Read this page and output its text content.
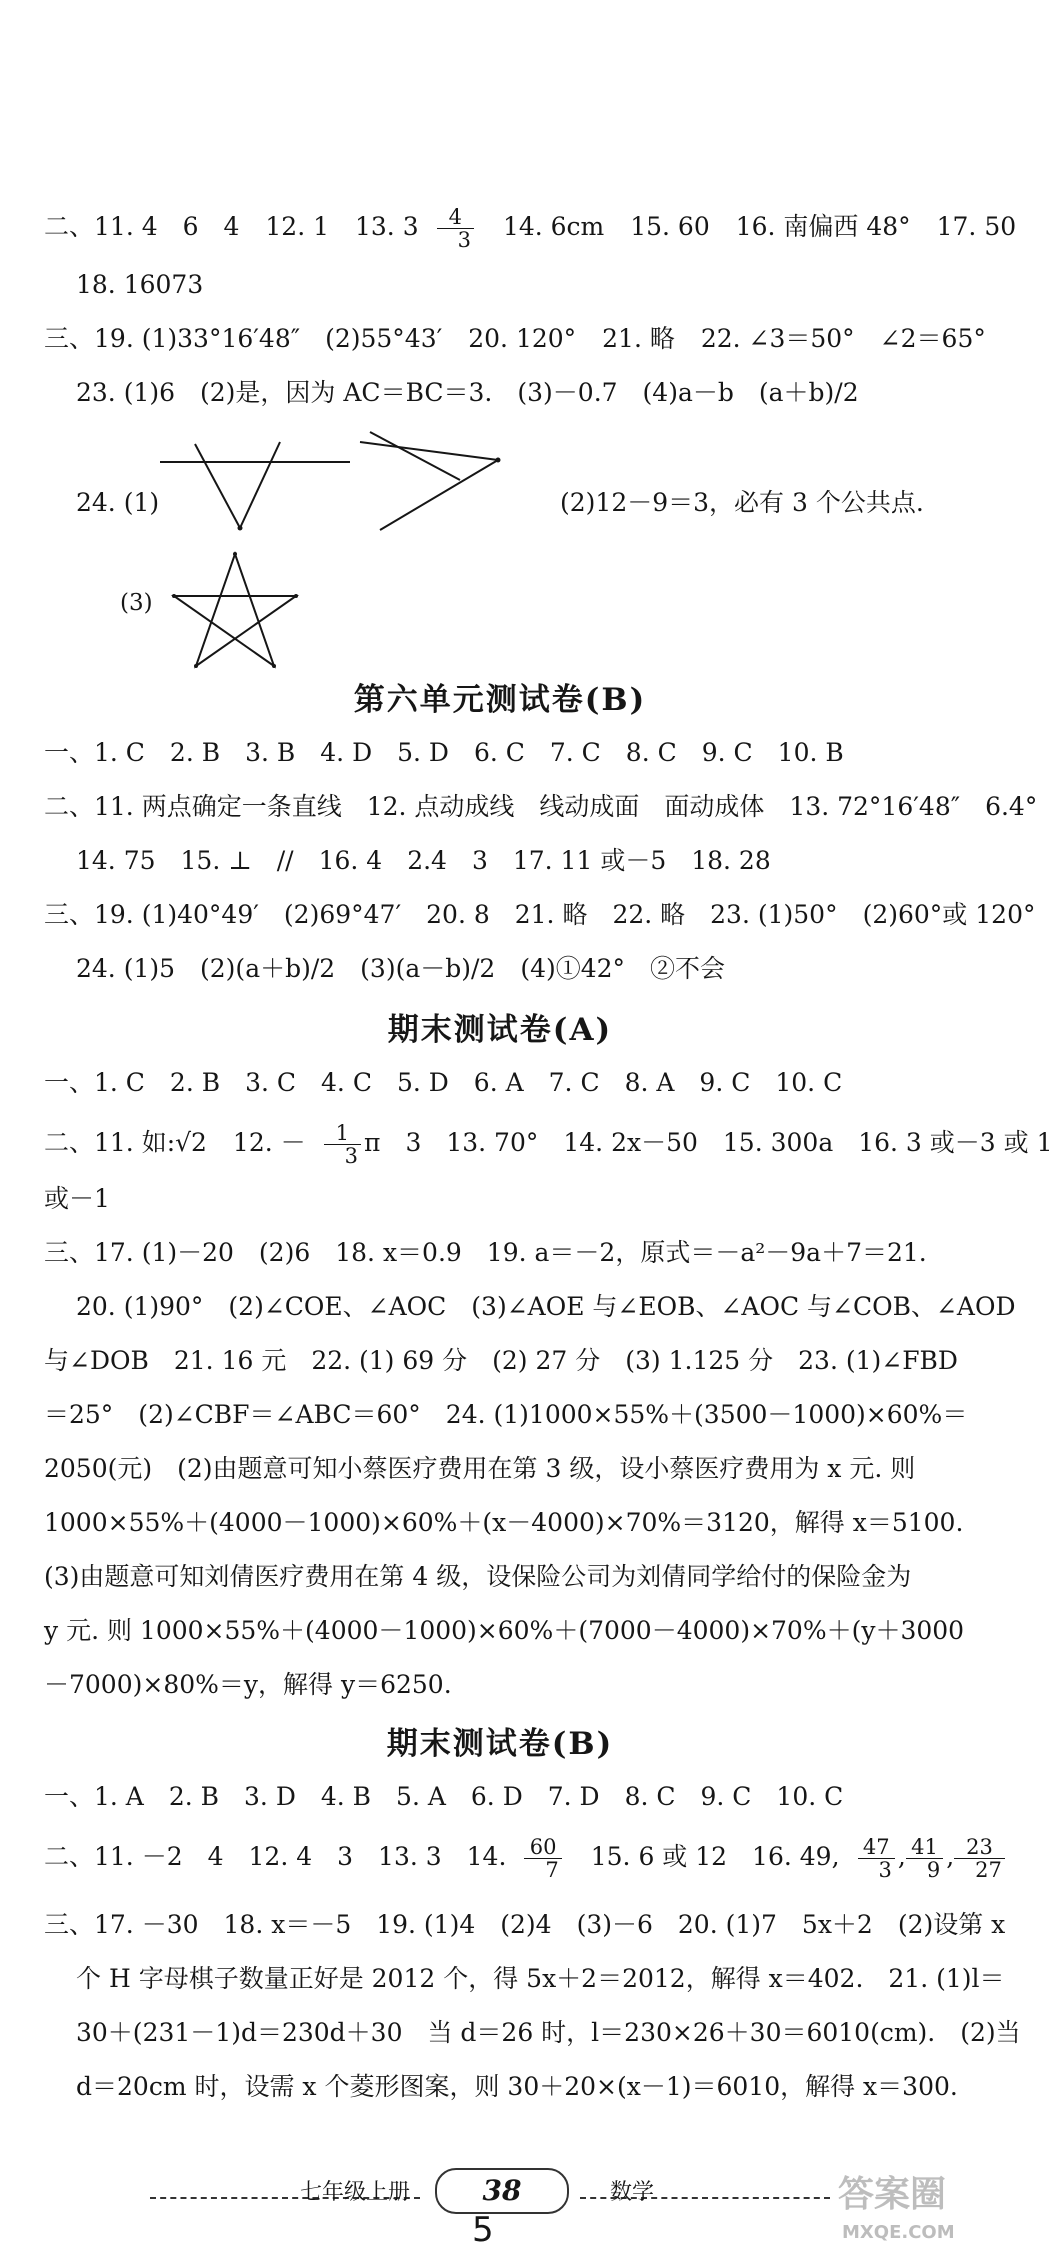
二、11. 4　6　4 12. 1 13. $3 \frac{4}{3} 14$. 6cm 15. 60 16. 南偏西 48° 17. 50
18. 16073
三、19. (1)33°16′48″　(2)55°43′ 20. 120° 21. 略 22. ∠3＝50°　∠2＝65°
23. (1)6　(2)是，因为 AC＝BC＝3.　(3)－0.7　(4)a－b　(a＋b)/2
24. (1)	(2)12－9＝3，必有 3 个公共点.
(3)
第六单元测试卷(B)
一、1. C　2. B　3. B　4. D　5. D　6. C　7. C　8. C　9. C　10. B
二、11. 两点确定一条直线　12. 点动成线　线动成面　面动成体　13. 72°16′48″　6.4°
14. 75　15. ⊥　//　16. 4　2.4　3　17. 11 或－5　18. 28
三、19. (1)40°49′　(2)69°47′　20. 8　21. 略　22. 略　23. (1)50°　(2)60°或 120°
24. (1)5　(2)(a＋b)/2　(3)(a－b)/2　(4)①42°　②不会
期末测试卷(A)
一、1. C　2. B　3. C　4. C　5. D　6. A　7. C　8. A　9. C　10. C
二、11. 如:√2 12. － $\frac{1}{3}$ π　3　13. 70°　14. 2x－50　15. 300a　16. 3 或－3 或 1
或－1
三、17. (1)－20　(2)6　18. x＝0.9　19. a＝－2，原式＝－a²－9a＋7＝21.
20. (1)90°　(2)∠COE、∠AOC　(3)∠AOE 与∠EOB、∠AOC 与∠COB、∠AOD
与∠DOB　21. 16 元　22. (1) 69 分　(2) 27 分　(3) 1.125 分　23. (1)∠FBD
＝25°　(2)∠CBF＝∠ABC＝60°　24. (1)1000×55%＋(3500－1000)×60%＝
2050(元)　(2)由题意可知小蔡医疗费用在第 3 级，设小蔡医疗费用为 x 元. 则
1000×55%＋(4000－1000)×60%＋(x－4000)×70%＝3120，解得 x＝5100.
(3)由题意可知刘倩医疗费用在第 4 级，设保险公司为刘倩同学给付的保险金为
y 元. 则 1000×55%＋(4000－1000)×60%＋(7000－4000)×70%＋(y＋3000
－7000)×80%＝y，解得 y＝6250.
期末测试卷(B)
一、1. A　2. B　3. D　4. B　5. A　6. D　7. D　8. C　9. C　10. C
二、11. －2　4　12. 4　3　13. 3　14. $\frac{60}{7} 15$. 6 或 12　16. 49, $\frac{47}{3}$ , $\frac{41}{9}$ , $\frac{23}{27}$
三、17. －30　18. x＝－5　19. (1)4　(2)4　(3)－6　20. (1)7　5x＋2　(2)设第 x
个 H 字母棋子数量正好是 2012 个，得 5x＋2＝2012，解得 x＝402.　21. (1)l＝
30＋(231－1)d＝230d＋30　当 d＝26 时，l＝230×26＋30＝6010(cm).　(2)当
d＝20cm 时，设需 x 个菱形图案，则 30＋20×(x－1)＝6010，解得 x＝300.
七年级上册	38	数学
5
答案圈
MXQE.COM
